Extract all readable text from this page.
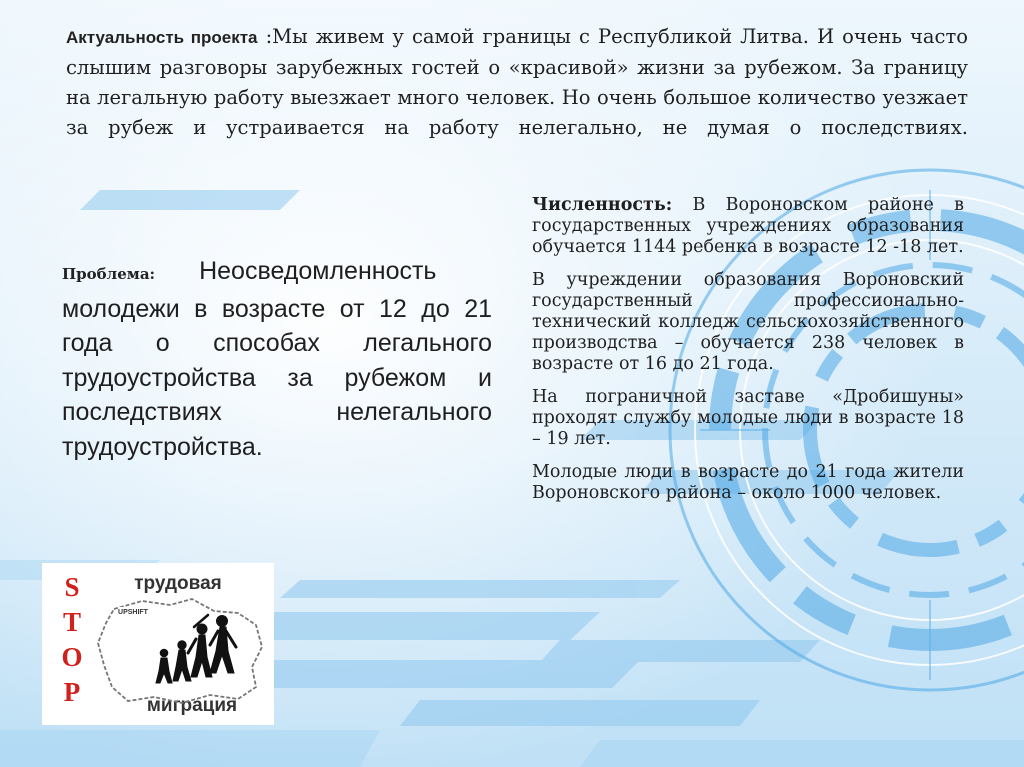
Актуальность проекта :Мы живем у самой границы с Республикой Литва. И очень часто слышим разговоры зарубежных гостей о «красивой» жизни за рубежом. За границу на легальную работу выезжает много человек. Но очень большое количество уезжает за рубеж и устраивается на работу нелегально, не думая о последствиях.

Проблема: Неосведомленность молодежи в возрасте от 12 до 21 года о способах легального трудоустройства за рубежом и последствиях нелегального трудоустройства.

Численность: В Вороновском районе в государственных учреждениях образования обучается 1144 ребенка в возрасте 12 -18 лет.

В учреждении образования Вороновский государственный профессионально-технический колледж сельскохозяйственного производства – обучается 238 человек в возрасте от 16 до 21 года.

На пограничной заставе «Дробишуны» проходят службу молодые люди в возрасте 18 – 19 лет.

Молодые люди в возрасте до 21 года жители Вороновского района – около 1000 человек.

S
T
O
P
трудовая
миграция
UPSHIFT
